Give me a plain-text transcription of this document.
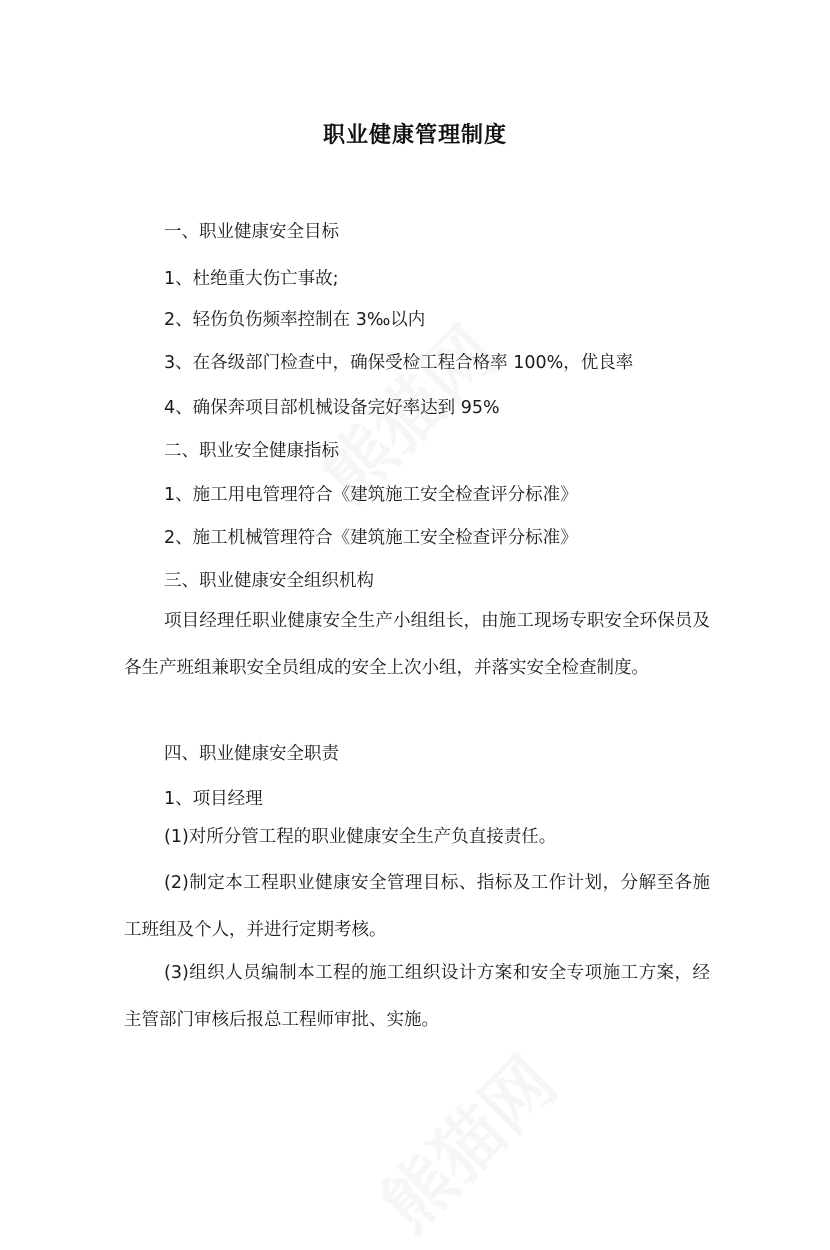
职业健康管理制度
一、职业健康安全目标
1、杜绝重大伤亡事故;
2、轻伤负伤频率控制在 3‰以内
3、在各级部门检查中，确保受检工程合格率 100%，优良率
4、确保奔项目部机械设备完好率达到 95%
二、职业安全健康指标
1、施工用电管理符合《建筑施工安全检查评分标准》
2、施工机械管理符合《建筑施工安全检查评分标准》
三、职业健康安全组织机构
项目经理任职业健康安全生产小组组长，由施工现场专职安全环保员及各生产班组兼职安全员组成的安全上次小组，并落实安全检查制度。
四、职业健康安全职责
1、项目经理
(1)对所分管工程的职业健康安全生产负直接责任。
(2)制定本工程职业健康安全管理目标、指标及工作计划，分解至各施工班组及个人，并进行定期考核。
(3)组织人员编制本工程的施工组织设计方案和安全专项施工方案，经主管部门审核后报总工程师审批、实施。
